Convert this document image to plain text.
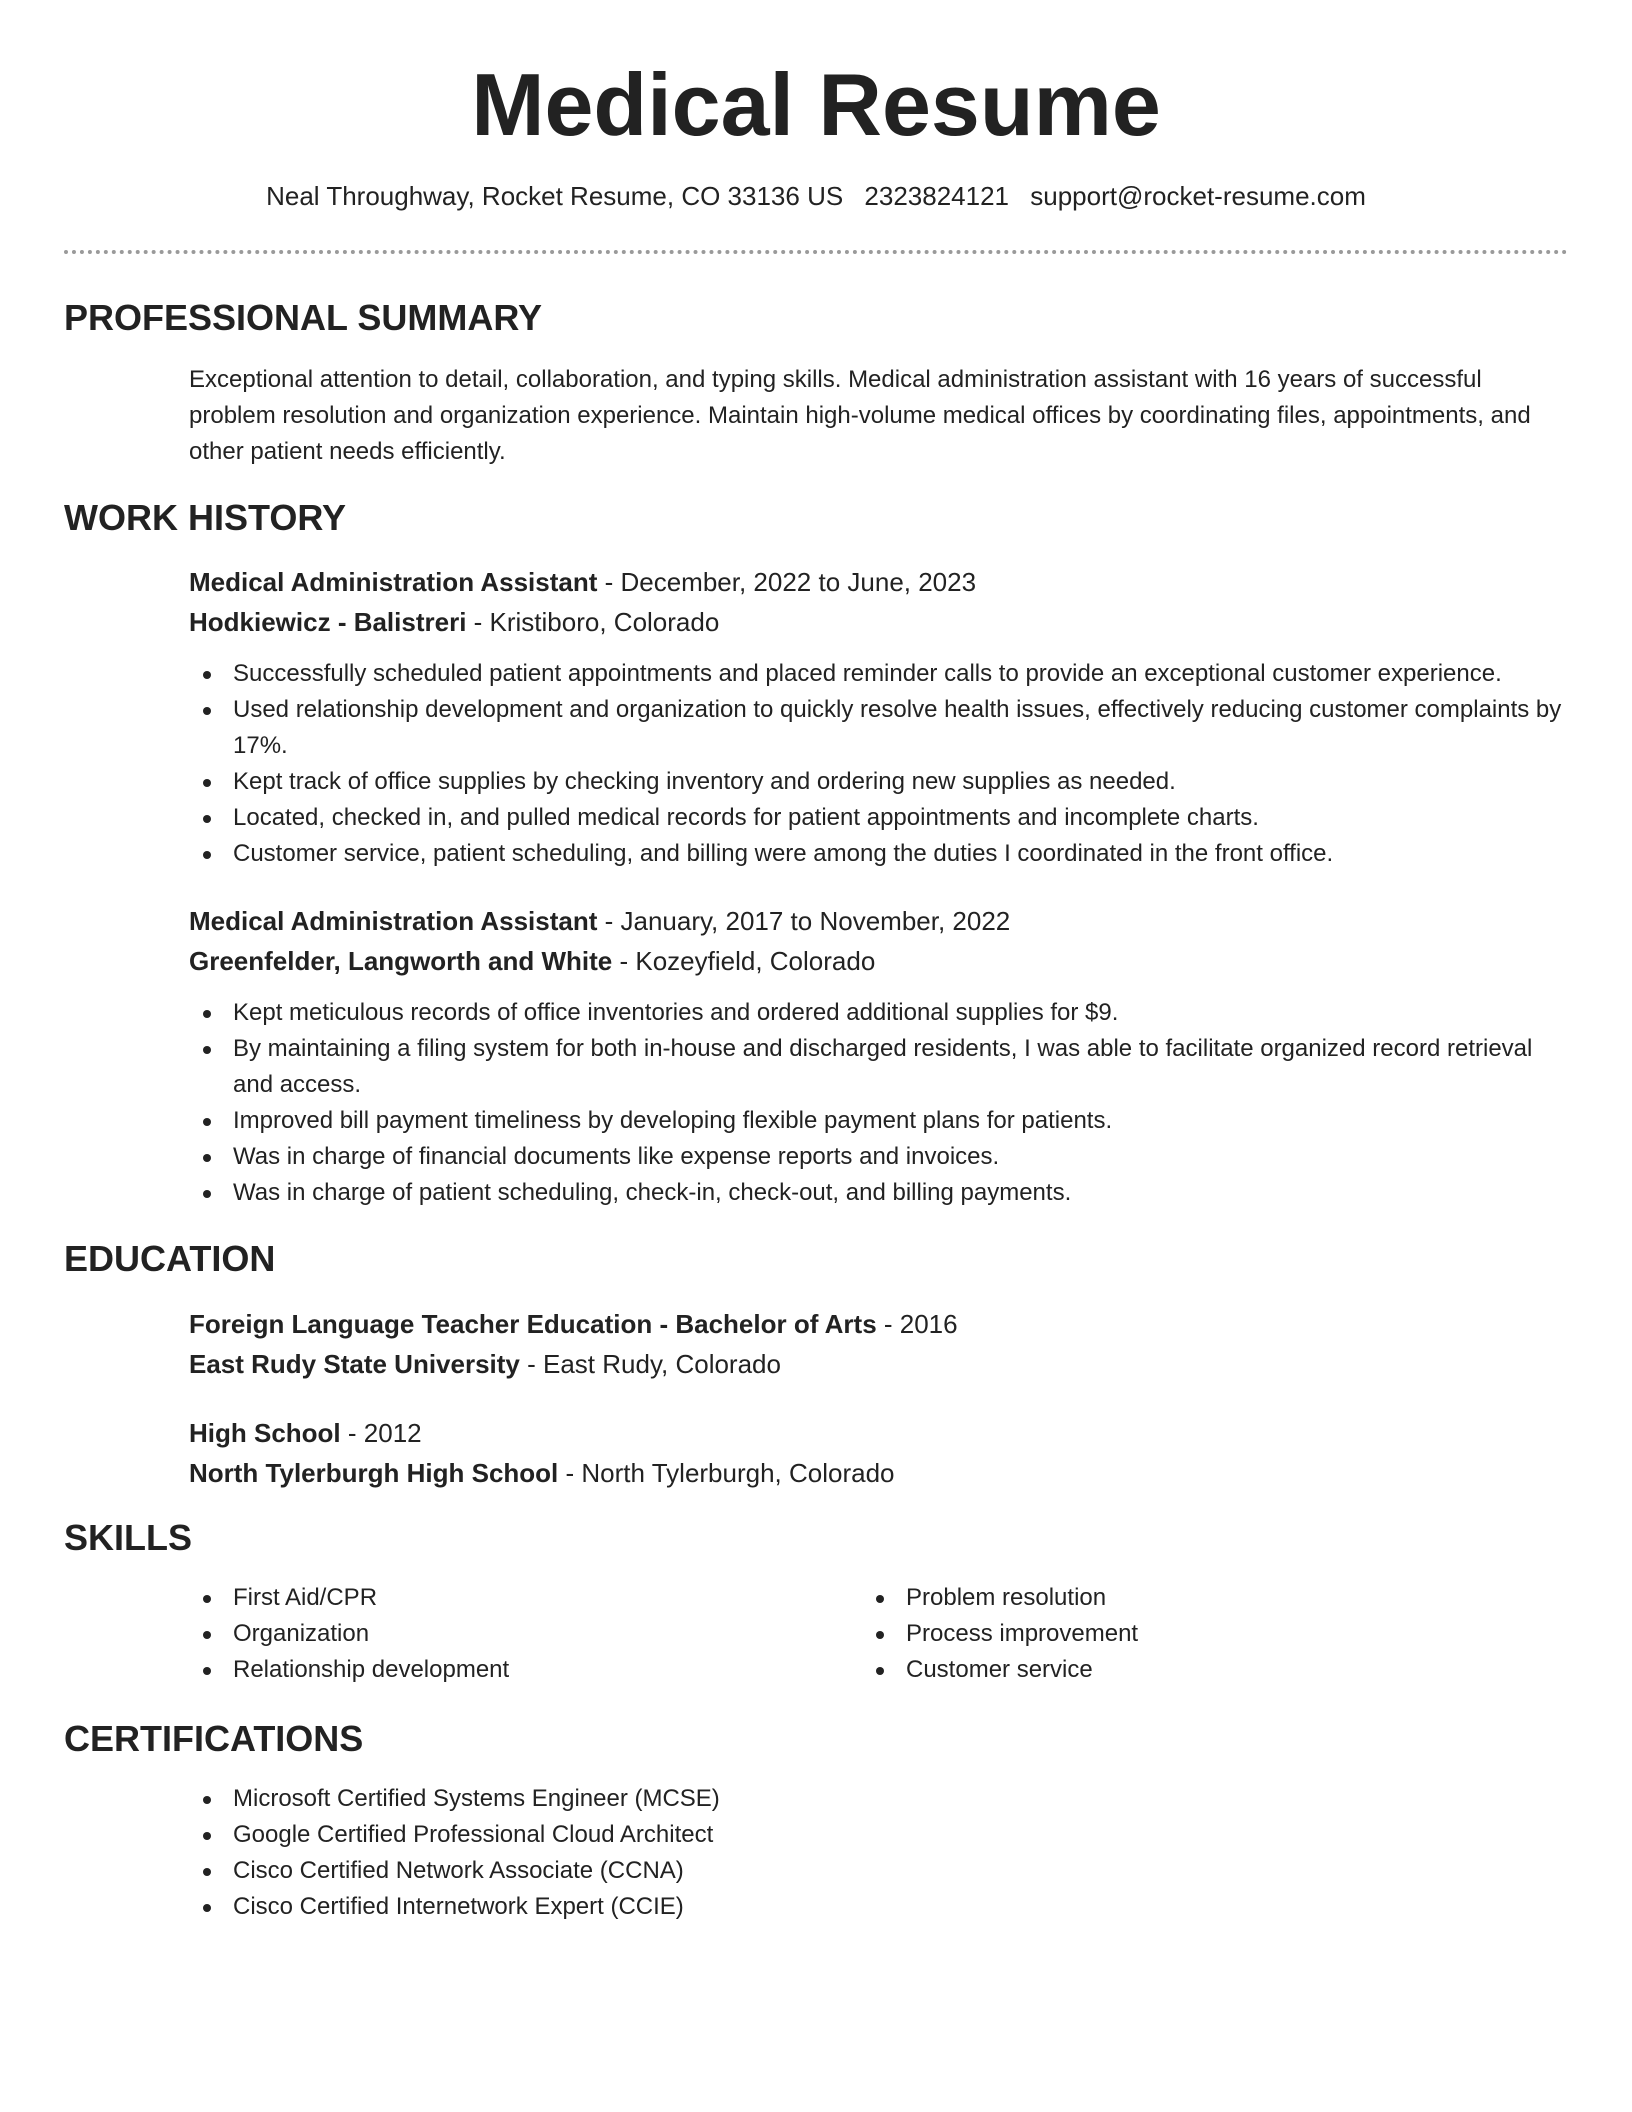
Medical Resume
Neal Throughway, Rocket Resume, CO 33136 US 2323824121 support@rocket-resume.com
PROFESSIONAL SUMMARY

Exceptional attention to detail, collaboration, and typing skills. Medical administration assistant with 16 years of successful problem resolution and organization experience. Maintain high-volume medical offices by coordinating files, appointments, and other patient needs efficiently.

WORK HISTORY

Medical Administration Assistant - December, 2022 to June, 2023

Hodkiewicz - Balistreri - Kristiboro, Colorado

Successfully scheduled patient appointments and placed reminder calls to provide an exceptional customer experience.
Used relationship development and organization to quickly resolve health issues, effectively reducing customer complaints by 17%.
Kept track of office supplies by checking inventory and ordering new supplies as needed.
Located, checked in, and pulled medical records for patient appointments and incomplete charts.
Customer service, patient scheduling, and billing were among the duties I coordinated in the front office.

Medical Administration Assistant - January, 2017 to November, 2022

Greenfelder, Langworth and White - Kozeyfield, Colorado

Kept meticulous records of office inventories and ordered additional supplies for $9.
By maintaining a filing system for both in-house and discharged residents, I was able to facilitate organized record retrieval and access.
Improved bill payment timeliness by developing flexible payment plans for patients.
Was in charge of financial documents like expense reports and invoices.
Was in charge of patient scheduling, check-in, check-out, and billing payments.
EDUCATION

Foreign Language Teacher Education - Bachelor of Arts - 2016

East Rudy State University - East Rudy, Colorado

High School - 2012

North Tylerburgh High School - North Tylerburgh, Colorado

SKILLS
First Aid/CPR
Organization
Relationship development
Problem resolution
Process improvement
Customer service
CERTIFICATIONS
Microsoft Certified Systems Engineer (MCSE)
Google Certified Professional Cloud Architect
Cisco Certified Network Associate (CCNA)
Cisco Certified Internetwork Expert (CCIE)
